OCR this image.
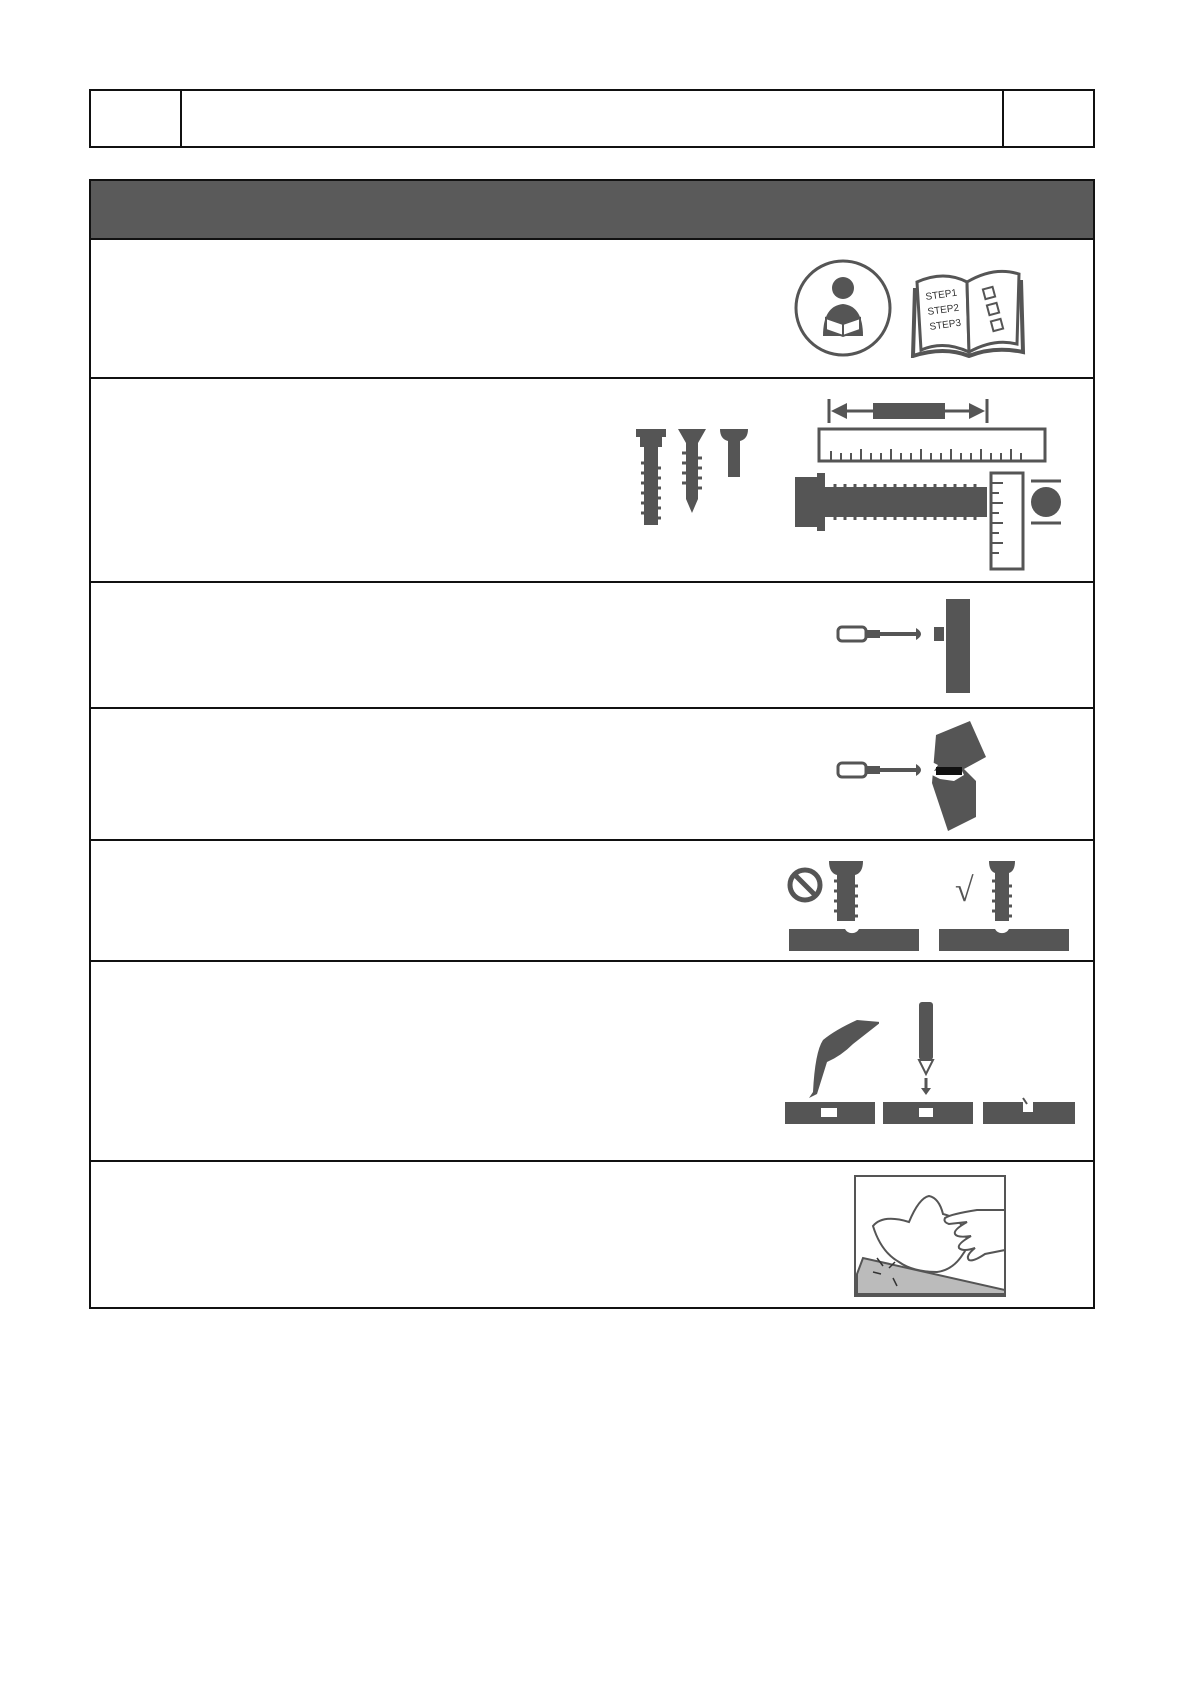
STEP1
STEP2
STEP3
√
